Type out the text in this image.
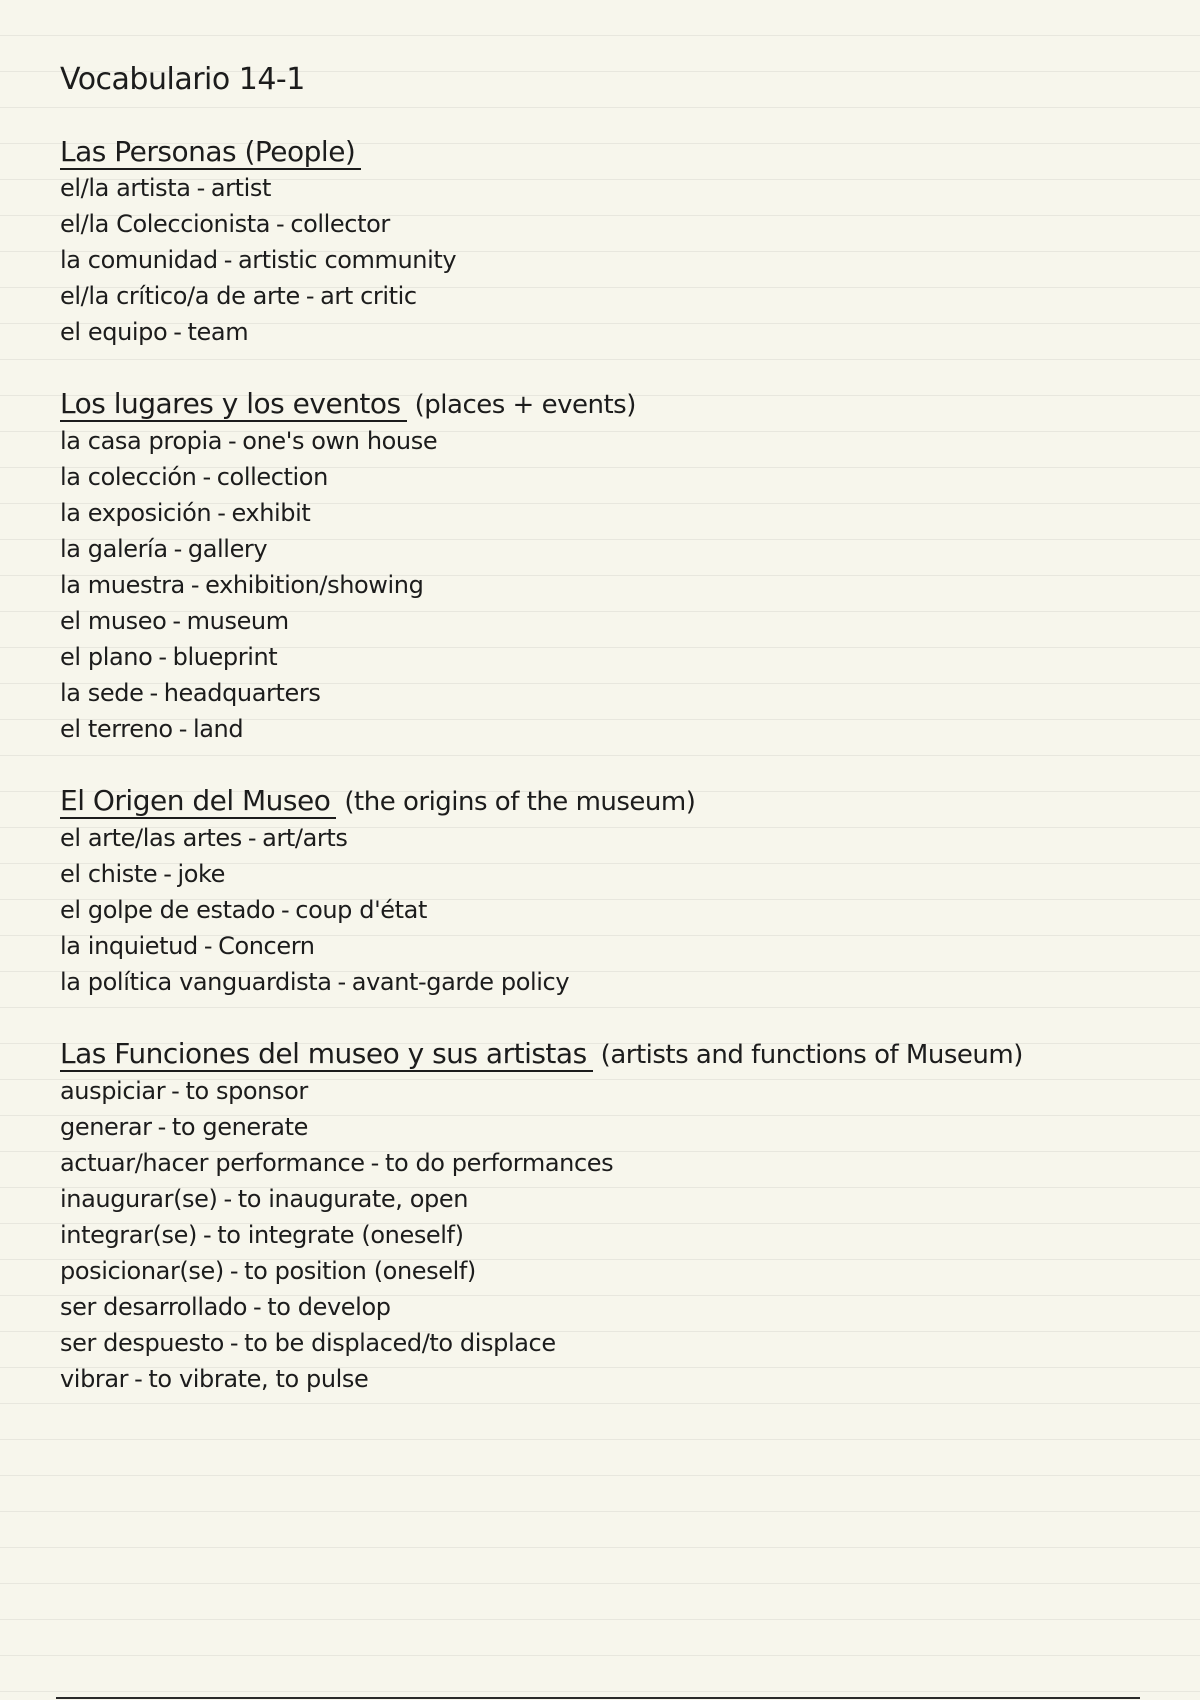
Vocabulario 14-1
Las Personas (People)
el/la artista - artist
el/la Coleccionista - collector
la comunidad - artistic community
el/la crítico/a de arte - art critic
el equipo - team
Los lugares y los eventos (places + events)
la casa propia - one's own house
la colección - collection
la exposición - exhibit
la galería - gallery
la muestra - exhibition/showing
el museo - museum
el plano - blueprint
la sede - headquarters
el terreno - land
El Origen del Museo (the origins of the museum)
el arte/las artes - art/arts
el chiste - joke
el golpe de estado - coup d'état
la inquietud - Concern
la política vanguardista - avant-garde policy
Las Funciones del museo y sus artistas (artists and functions of Museum)
auspiciar - to sponsor
generar - to generate
actuar/hacer performance - to do performances
inaugurar(se) - to inaugurate, open
integrar(se) - to integrate (oneself)
posicionar(se) - to position (oneself)
ser desarrollado - to develop
ser despuesto - to be displaced/to displace
vibrar - to vibrate, to pulse
